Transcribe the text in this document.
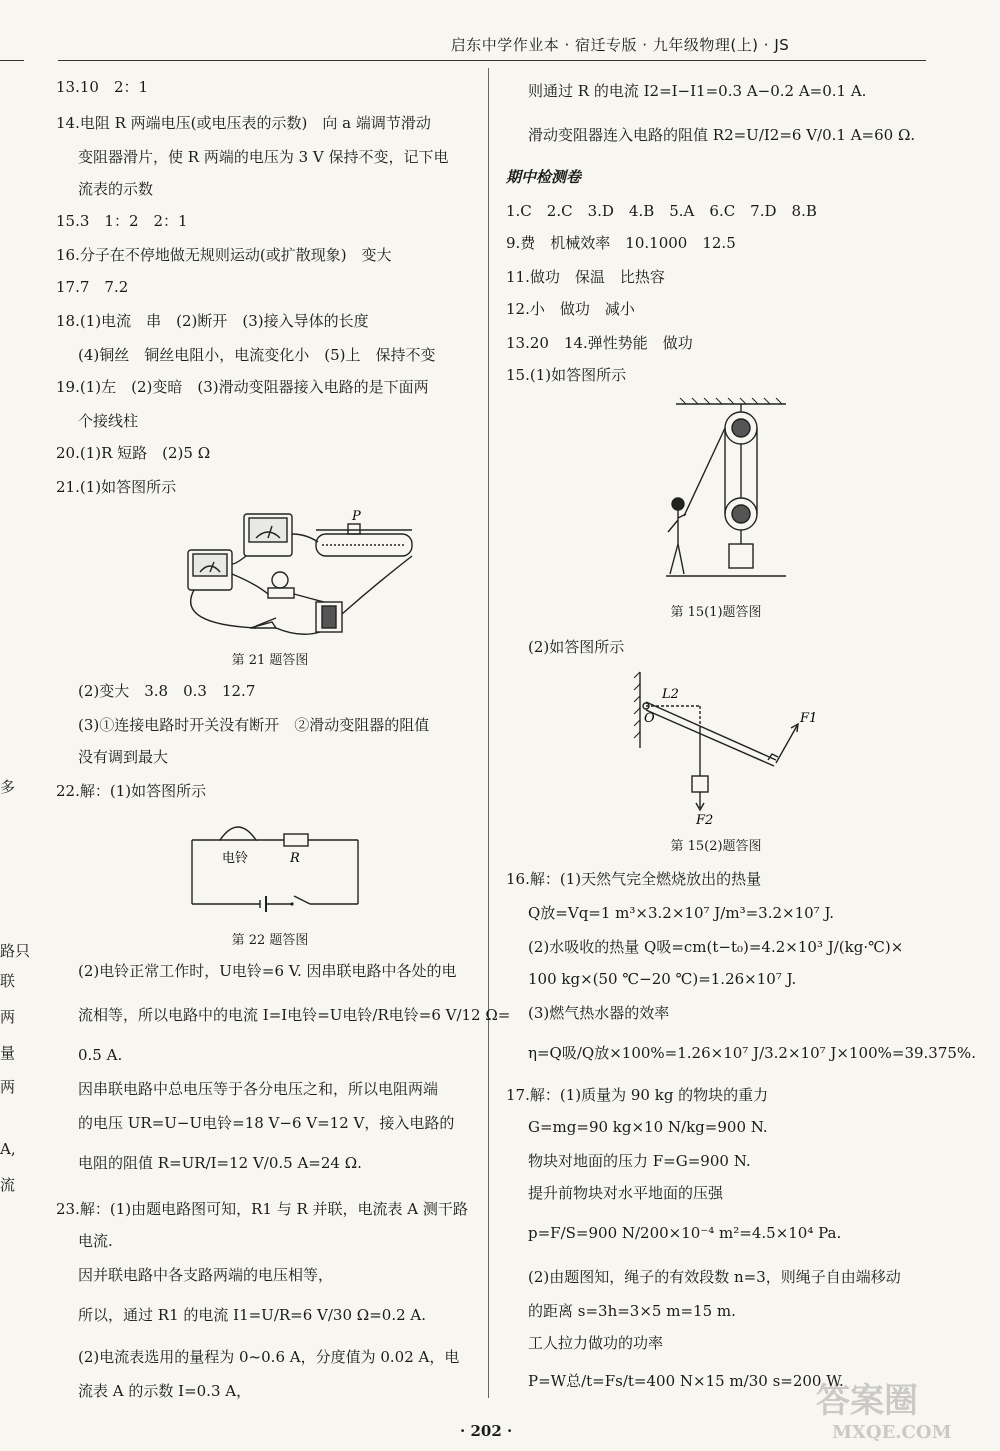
启东中学作业本 · 宿迁专版 · 九年级物理(上) · JS
多
路只
联
两
量
两
A,
流
13.10　2：1
14.电阻 R 两端电压(或电压表的示数)　向 a 端调节滑动
变阻器滑片，使 R 两端的电压为 3 V 保持不变，记下电
流表的示数
15.3　1：2　2：1
16.分子在不停地做无规则运动(或扩散现象)　变大
17.7　7.2
18.(1)电流　串　(2)断开　(3)接入导体的长度
(4)铜丝　铜丝电阻小，电流变化小　(5)上　保持不变
19.(1)左　(2)变暗　(3)滑动变阻器接入电路的是下面两
个接线柱
20.(1)R 短路　(2)5 Ω
21.(1)如答图所示
P
第 21 题答图
(2)变大　3.8　0.3　12.7
(3)①连接电路时开关没有断开　②滑动变阻器的阻值
没有调到最大
22.解：(1)如答图所示
电铃	R
第 22 题答图
(2)电铃正常工作时，U电铃=6 V. 因串联电路中各处的电
流相等，所以电路中的电流 I=I电铃=U电铃/R电铃=6 V/12 Ω=
0.5 A.
因串联电路中总电压等于各分电压之和，所以电阻两端
的电压 UR=U−U电铃=18 V−6 V=12 V，接入电路的
电阻的阻值 R=UR/I=12 V/0.5 A=24 Ω.
23.解：(1)由题电路图可知，R1 与 R 并联，电流表 A 测干路
电流.
因并联电路中各支路两端的电压相等，
所以，通过 R1 的电流 I1=U/R=6 V/30 Ω=0.2 A.
(2)电流表选用的量程为 0~0.6 A，分度值为 0.02 A，电
流表 A 的示数 I=0.3 A，
则通过 R 的电流 I2=I−I1=0.3 A−0.2 A=0.1 A.
滑动变阻器连入电路的阻值 R2=U/I2=6 V/0.1 A=60 Ω.
期中检测卷
1.C　2.C　3.D　4.B　5.A　6.C　7.D　8.B
9.费　机械效率　10.1000　12.5
11.做功　保温　比热容
12.小　做功　减小
13.20　14.弹性势能　做功
15.(1)如答图所示
第 15(1)题答图
(2)如答图所示
O
L2
F1
F2
第 15(2)题答图
16.解：(1)天然气完全燃烧放出的热量
Q放=Vq=1 m³×3.2×10⁷ J/m³=3.2×10⁷ J.
(2)水吸收的热量 Q吸=cm(t−t₀)=4.2×10³ J/(kg·℃)×
100 kg×(50 ℃−20 ℃)=1.26×10⁷ J.
(3)燃气热水器的效率
η=Q吸/Q放×100%=1.26×10⁷ J/3.2×10⁷ J×100%=39.375%.
17.解：(1)质量为 90 kg 的物块的重力
G=mg=90 kg×10 N/kg=900 N.
物块对地面的压力 F=G=900 N.
提升前物块对水平地面的压强
p=F/S=900 N/200×10⁻⁴ m²=4.5×10⁴ Pa.
(2)由题图知，绳子的有效段数 n=3，则绳子自由端移动
的距离 s=3h=3×5 m=15 m.
工人拉力做功的功率
P=W总/t=Fs/t=400 N×15 m/30 s=200 W.
· 202 ·
答案圈
MXQE.COM
